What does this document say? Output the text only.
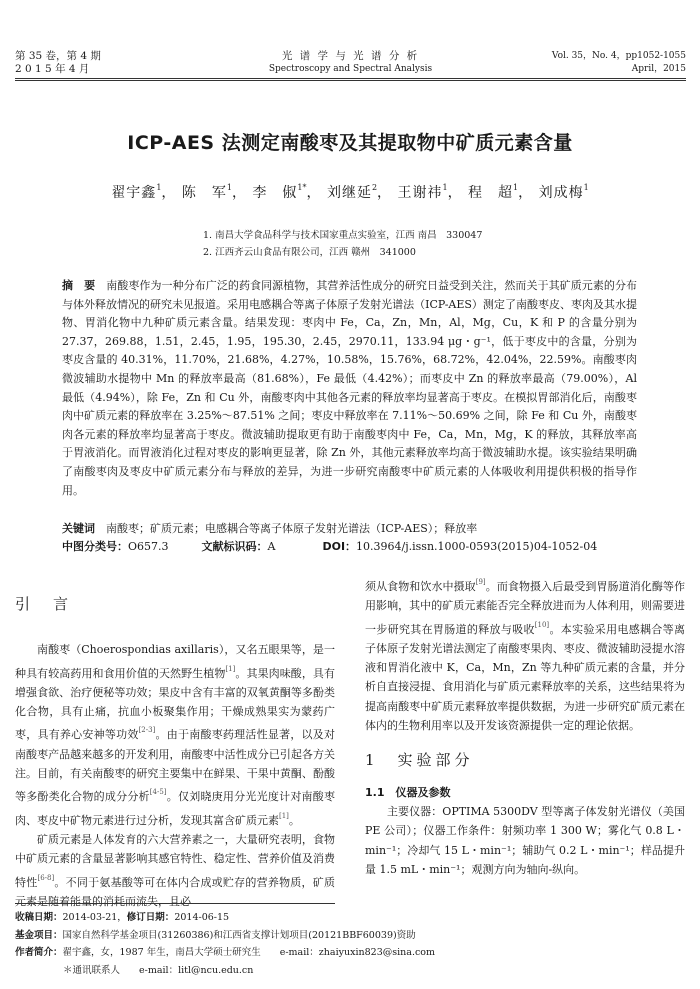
第 35 卷，第 4 期
2 0 1 5 年 4 月
光 谱 学 与 光 谱 分 析
Spectroscopy and Spectral Analysis
Vol. 35，No. 4，pp1052-1055
April，2015
ICP-AES 法测定南酸枣及其提取物中矿质元素含量
翟宇鑫$^1$， 陈　军$^1$， 李　俶$^{1*}$， 刘继延$^2$， 王谢祎$^1$， 程　超$^1$， 刘成梅$^1$
1. 南昌大学食品科学与技术国家重点实验室，江西 南昌　330047
2. 江西齐云山食品有限公司，江西 赣州　341000
摘　要　 南酸枣作为一种分布广泛的药食同源植物，其营养活性成分的研究日益受到关注，然而关于其矿质元素的分布与体外释放情况的研究未见报道。采用电感耦合等离子体原子发射光谱法（ICP-AES）测定了南酸枣皮、枣肉及其水提物、胃消化物中九种矿质元素含量。结果发现：枣肉中 Fe，Ca，Zn，Mn，Al，Mg，Cu，K 和 P 的含量分别为 27.37，269.88，1.51，2.45，1.95，195.30，2.45，2970.11，133.94 μg・g⁻¹，低于枣皮中的含量，分别为枣皮含量的 40.31%，11.70%，21.68%，4.27%，10.58%，15.76%，68.72%，42.04%，22.59%。南酸枣肉微波辅助水提物中 Mn 的释放率最高（81.68%），Fe 最低（4.42%）；而枣皮中 Zn 的释放率最高（79.00%），Al 最低（4.94%），除 Fe，Zn 和 Cu 外，南酸枣肉中其他各元素的释放率均显著高于枣皮。在模拟胃部消化后，南酸枣肉中矿质元素的释放率在 3.25%～87.51% 之间；枣皮中释放率在 7.11%～50.69% 之间，除 Fe 和 Cu 外，南酸枣肉各元素的释放率均显著高于枣皮。微波辅助提取更有助于南酸枣肉中 Fe，Ca，Mn，Mg，K 的释放，其释放率高于胃液消化。而胃液消化过程对枣皮的影响更显著，除 Zn 外，其他元素释放率均高于微波辅助水提。该实验结果明确了南酸枣肉及枣皮中矿质元素分布与释放的差异，为进一步研究南酸枣中矿质元素的人体吸收利用提供积极的指导作用。
关键词　 南酸枣；矿质元素；电感耦合等离子体原子发射光谱法（ICP-AES）；释放率
中图分类号：O657.3	文献标识码：A	DOI：10.3964/j.issn.1000-0593(2015)04-1052-04
引　言

南酸枣（Choerospondias axillaris），又名五眼果等，是一种具有较高药用和食用价值的天然野生植物[1]。其果肉味酸，具有增强食欲、治疗便秘等功效；果皮中含有丰富的双氧黄酮等多酚类化合物，具有止痛，抗血小板聚集作用；干燥成熟果实为蒙药广枣，具有养心安神等功效[2-3]。由于南酸枣药理活性显著，以及对南酸枣产品越来越多的开发利用，南酸枣中活性成分已引起各方关注。目前，有关南酸枣的研究主要集中在鲜果、干果中黄酮、酚酸等多酚类化合物的成分分析[4-5]。仅刘晓庚用分光光度计对南酸枣肉、枣皮中矿物元素进行过分析，发现其富含矿质元素[1]。

矿质元素是人体发育的六大营养素之一，大量研究表明，食物中矿质元素的含量显著影响其感官特性、稳定性、营养价值及消费特性[6-8]。不同于氨基酸等可在体内合成或贮存的营养物质，矿质元素是随着能量的消耗而流失，且必

须从食物和饮水中摄取[9]。而食物摄入后最受到胃肠道消化酶等作用影响，其中的矿质元素能否完全释放进而为人体利用，则需要进一步研究其在胃肠道的释放与吸收[10]。本实验采用电感耦合等离子体原子发射光谱法测定了南酸枣果肉、枣皮、微波辅助浸提水溶液和胃消化液中 K，Ca，Mn，Zn 等九种矿质元素的含量，并分析自直接浸提、食用消化与矿质元素释放率的关系，这些结果将为提高南酸枣中矿质元素释放率提供数据，为进一步研究矿质元素在体内的生物利用率以及开发该资源提供一定的理论依据。

1　实验部分
1.1　仪器及参数

主要仪器：OPTIMA 5300DV 型等离子体发射光谱仪（美国 PE 公司）；仪器工作条件：射频功率 1 300 W；雾化气 0.8 L・min⁻¹；冷却气 15 L・min⁻¹；辅助气 0.2 L・min⁻¹；样品提升量 1.5 mL・min⁻¹；观测方向为轴向-纵向。

收稿日期：2014-03-21，修订日期：2014-06-15
基金项目：国家自然科学基金项目(31260386)和江西省支撑计划项目(20121BBF60039)资助
作者简介：翟宇鑫，女，1987 年生，南昌大学硕士研究生　　e-mail：zhaiyuxin823@sina.com
＊通讯联系人　　e-mail：litl@ncu.edu.cn
